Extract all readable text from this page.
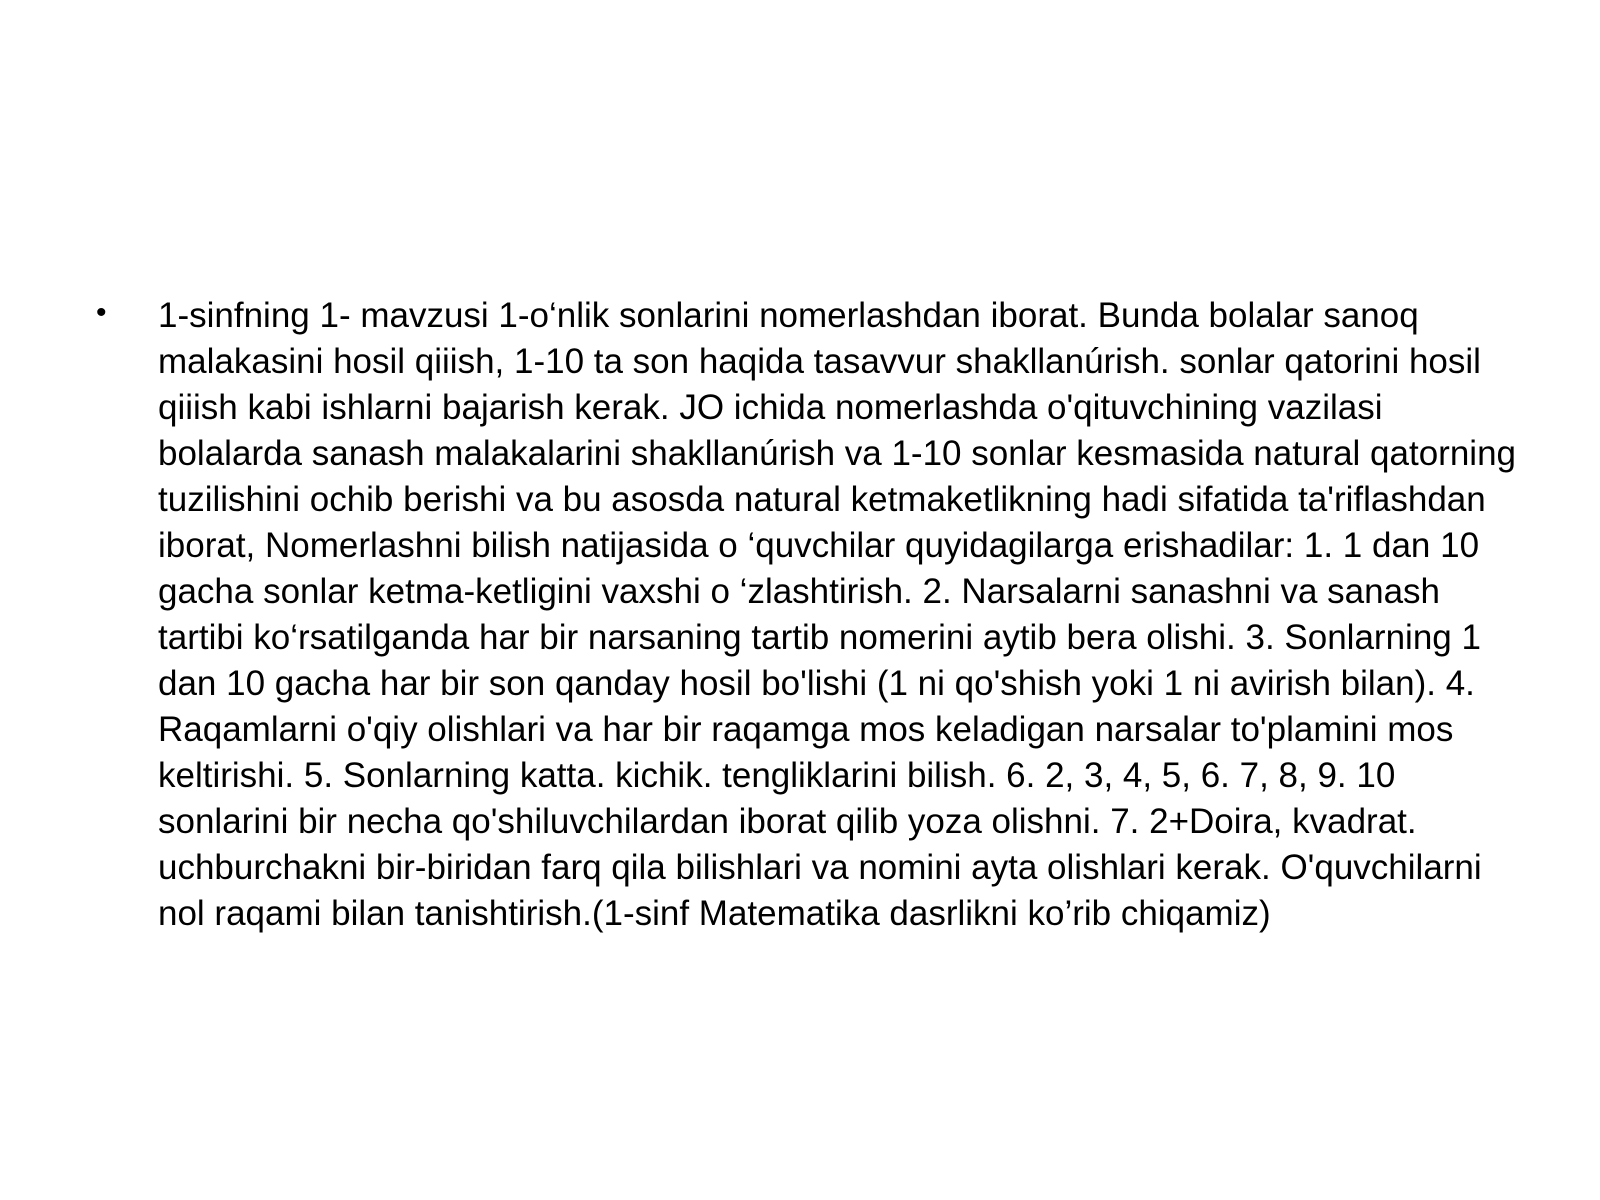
• 1-sinfning 1- mavzusi 1-o‘nlik sonlarini nomerlashdan iborat. Bunda bolalar sanoq malakasini hosil qiiish, 1-10 ta son haqida tasavvur shakllanúrish. sonlar qatorini hosil qiiish kabi ishlarni bajarish kerak. JO ichida nomerlashda o'qituvchining vazilasi bolalarda sanash malakalarini shakllanúrish va 1-10 sonlar kesmasida natural qatorning tuzilishini ochib berishi va bu asosda natural ketmaketlikning hadi sifatida ta'riflashdan iborat, Nomerlashni bilish natijasida o ‘quvchilar quyidagilarga erishadilar: 1. 1 dan 10 gacha sonlar ketma-ketligini vaxshi o ‘zlashtirish. 2. Narsalarni sanashni va sanash tartibi ko‘rsatilganda har bir narsaning tartib nomerini aytib bera olishi. 3. Sonlarning 1 dan 10 gacha har bir son qanday hosil bo'lishi (1 ni qo'shish yoki 1 ni avirish bilan). 4. Raqamlarni o'qiy olishlari va har bir raqamga mos keladigan narsalar to'plamini mos keltirishi. 5. Sonlarning katta. kichik. tengliklarini bilish. 6. 2, 3, 4, 5, 6. 7, 8, 9. 10 sonlarini bir necha qo'shiluvchilardan iborat qilib yoza olishni. 7. 2+Doira, kvadrat. uchburchakni bir-biridan farq qila bilishlari va nomini ayta olishlari kerak. O'quvchilarni nol raqami bilan tanishtirish.(1-sinf Matematika dasrlikni ko’rib chiqamiz)
